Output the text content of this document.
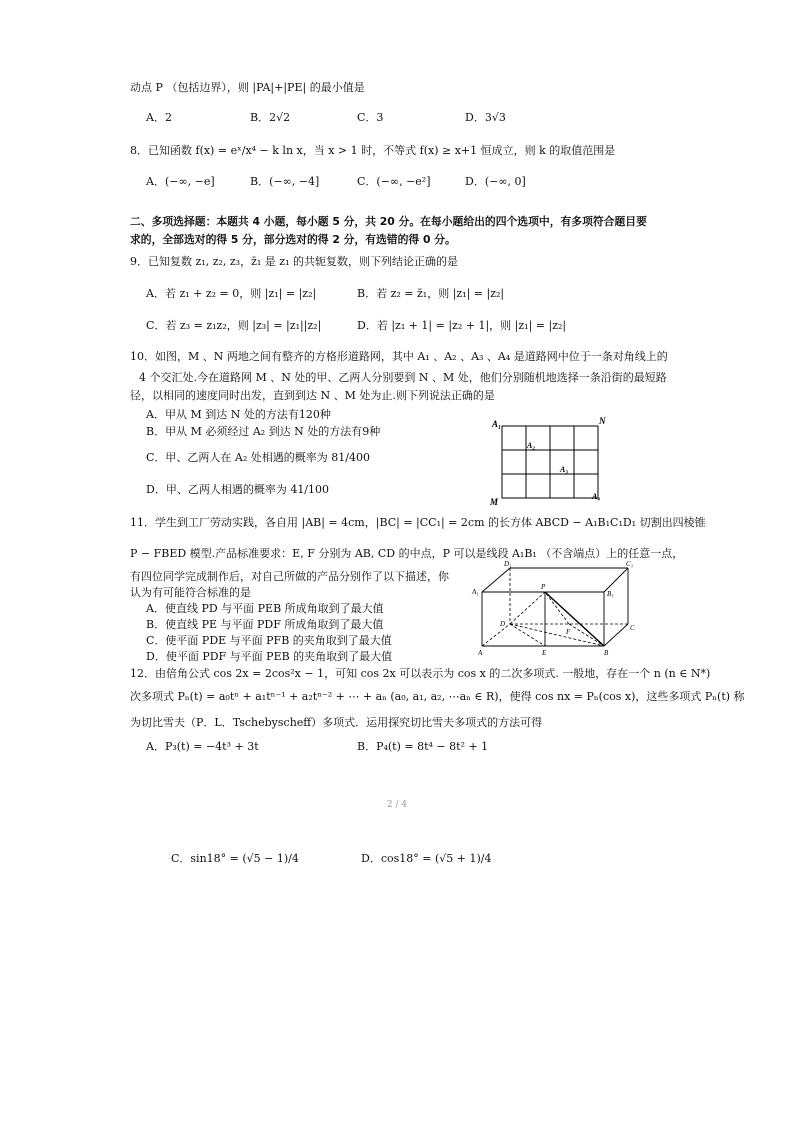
动点 P （包括边界），则 |PA|+|PE| 的最小值是
A．2	B．2√2	C．3	D．3√3
8．已知函数 f(x) = eˣ/x⁴ − k ln x，当 x > 1 时，不等式 f(x) ≥ x+1 恒成立，则 k 的取值范围是
A．(−∞, −e]	B．(−∞, −4]	C．(−∞, −e²]	D．(−∞, 0]
二、多项选择题：本题共 4 小题，每小题 5 分，共 20 分。在每小题给出的四个选项中，有多项符合题目要
求的，全部选对的得 5 分，部分选对的得 2 分，有选错的得 0 分。
9．已知复数 z₁, z₂, z₃，z̄₁ 是 z₁ 的共轭复数，则下列结论正确的是
A．若 z₁ + z₂ = 0，则 |z₁| = |z₂|	B．若 z₂ = z̄₁，则 |z₁| = |z₂|
C．若 z₃ = z₁z₂，则 |z₃| = |z₁||z₂|	D．若 |z₁ + 1| = |z₂ + 1|，则 |z₁| = |z₂|
10．如图，M 、N 两地之间有整齐的方格形道路网，其中 A₁ 、A₂ 、A₃ 、A₄ 是道路网中位于一条对角线上的
4 个交汇处.今在道路网 M 、N 处的甲、乙两人分别要到 N 、M 处，他们分别随机地选择一条沿街的最短路
径，以相同的速度同时出发，直到到达 N 、M 处为止.则下列说法正确的是
A．甲从 M 到达 N 处的方法有120种
B．甲从 M 必须经过 A₂ 到达 N 处的方法有9种
C．甲、乙两人在 A₂ 处相遇的概率为 81/400
D．甲、乙两人相遇的概率为 41/100
A₁	N
A₂
A₃
M
A₄
11．学生到工厂劳动实践，各自用 |AB| = 4cm，|BC| = |CC₁| = 2cm 的长方体 ABCD − A₁B₁C₁D₁ 切割出四棱锥
P − FBED 模型.产品标准要求：E, F 分别为 AB, CD 的中点，P 可以是线段 A₁B₁ （不含端点）上的任意一点，
有四位同学完成制作后，对自己所做的产品分别作了以下描述，你
认为有可能符合标准的是
A．使直线 PD 与平面 PEB 所成角取到了最大值
B．使直线 PE 与平面 PDF 所成角取到了最大值
C．使平面 PDE 与平面 PFB 的夹角取到了最大值
D．使平面 PDF 与平面 PEB 的夹角取到了最大值
D₁	C₁
A₁
P
B₁
D
F	C
A	E	B
12．由倍角公式 cos 2x = 2cos²x − 1，可知 cos 2x 可以表示为 cos x 的二次多项式. 一般地，存在一个 n (n ∈ N*)
次多项式 Pₙ(t) = a₀tⁿ + a₁tⁿ⁻¹ + a₂tⁿ⁻² + ⋯ + aₙ (a₀, a₁, a₂, ⋯aₙ ∈ R)，使得 cos nx = Pₙ(cos x)，这些多项式 Pₙ(t) 称
为切比雪夫（P．L．Tschebyscheff）多项式．运用探究切比雪夫多项式的方法可得
A．P₃(t) = −4t³ + 3t	B．P₄(t) = 8t⁴ − 8t² + 1
2 / 4
C．sin18° = (√5 − 1)/4	D．cos18° = (√5 + 1)/4
